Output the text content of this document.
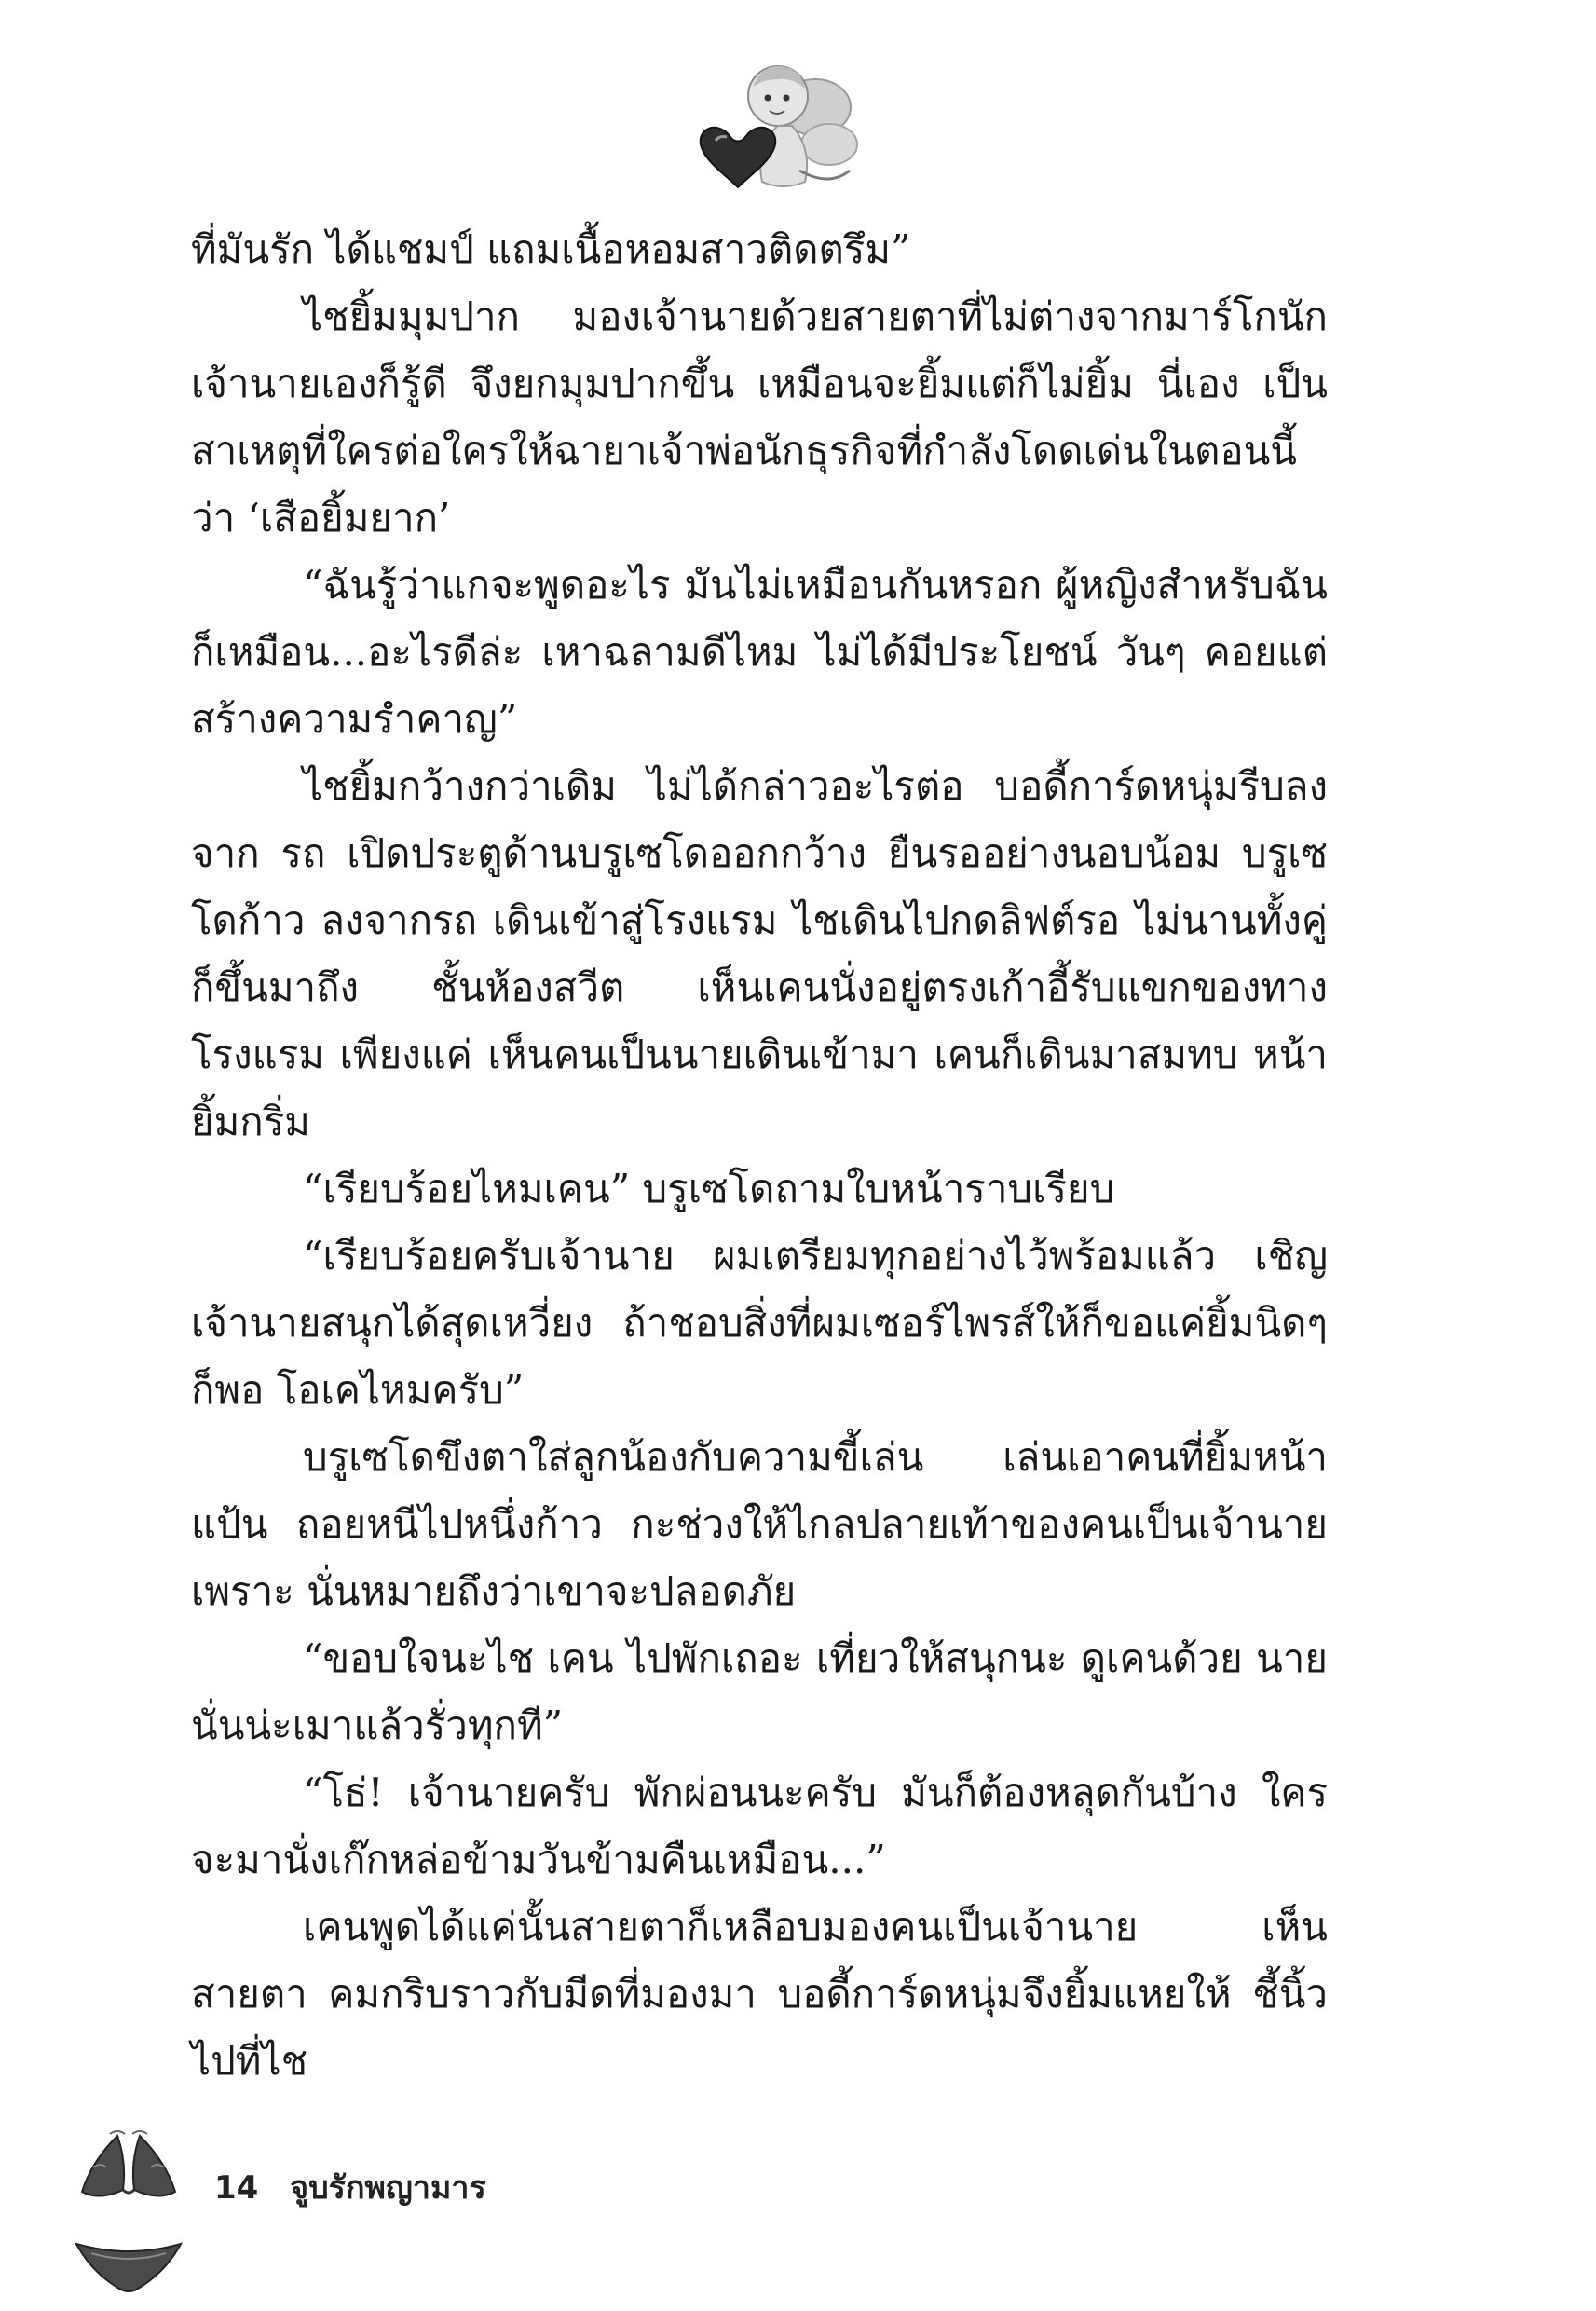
ที่มันรัก ได้แชมป์ แถมเนื้อหอมสาวติดตรึม”

ไชยิ้มมุมปาก มองเจ้านายด้วยสายตาที่ไม่ต่างจากมาร์โกนัก เจ้านายเองก็รู้ดี จึงยกมุมปากขึ้น เหมือนจะยิ้มแต่ก็ไม่ยิ้ม นี่เอง เป็นสาเหตุที่ใครต่อใครให้ฉายาเจ้าพ่อนักธุรกิจที่กำลังโดดเด่นในตอนนี้ ว่า ‘เสือยิ้มยาก’

“ฉันรู้ว่าแกจะพูดอะไร มันไม่เหมือนกันหรอก ผู้หญิงสำหรับฉัน ก็เหมือน...อะไรดีล่ะ เหาฉลามดีไหม ไม่ได้มีประโยชน์ วันๆ คอยแต่ สร้างความรำคาญ”

ไชยิ้มกว้างกว่าเดิม ไม่ได้กล่าวอะไรต่อ บอดี้การ์ดหนุ่มรีบลงจาก รถ เปิดประตูด้านบรูเซโดออกกว้าง ยืนรออย่างนอบน้อม บรูเซโดก้าว ลงจากรถ เดินเข้าสู่โรงแรม ไชเดินไปกดลิฟต์รอ ไม่นานทั้งคู่ก็ขึ้นมาถึง ชั้นห้องสวีต เห็นเคนนั่งอยู่ตรงเก้าอี้รับแขกของทางโรงแรม เพียงแค่ เห็นคนเป็นนายเดินเข้ามา เคนก็เดินมาสมทบ หน้ายิ้มกริ่ม

“เรียบร้อยไหมเคน” บรูเซโดถามใบหน้าราบเรียบ

“เรียบร้อยครับเจ้านาย ผมเตรียมทุกอย่างไว้พร้อมแล้ว เชิญ เจ้านายสนุกได้สุดเหวี่ยง ถ้าชอบสิ่งที่ผมเซอร์ไพรส์ให้ก็ขอแค่ยิ้มนิดๆ ก็พอ โอเคไหมครับ”

บรูเซโดขึงตาใส่ลูกน้องกับความขี้เล่น เล่นเอาคนที่ยิ้มหน้าแป้น ถอยหนีไปหนึ่งก้าว กะช่วงให้ไกลปลายเท้าของคนเป็นเจ้านาย เพราะ นั่นหมายถึงว่าเขาจะปลอดภัย

“ขอบใจนะไช เคน ไปพักเถอะ เที่ยวให้สนุกนะ ดูเคนด้วย นาย นั่นน่ะเมาแล้วรั่วทุกที”

“โธ่! เจ้านายครับ พักผ่อนนะครับ มันก็ต้องหลุดกันบ้าง ใคร จะมานั่งเก๊กหล่อข้ามวันข้ามคืนเหมือน...”

เคนพูดได้แค่นั้นสายตาก็เหลือบมองคนเป็นเจ้านาย เห็นสายตา คมกริบราวกับมีดที่มองมา บอดี้การ์ดหนุ่มจึงยิ้มแหยให้ ชี้นิ้วไปที่ไช

14 จูบรักพญามาร
